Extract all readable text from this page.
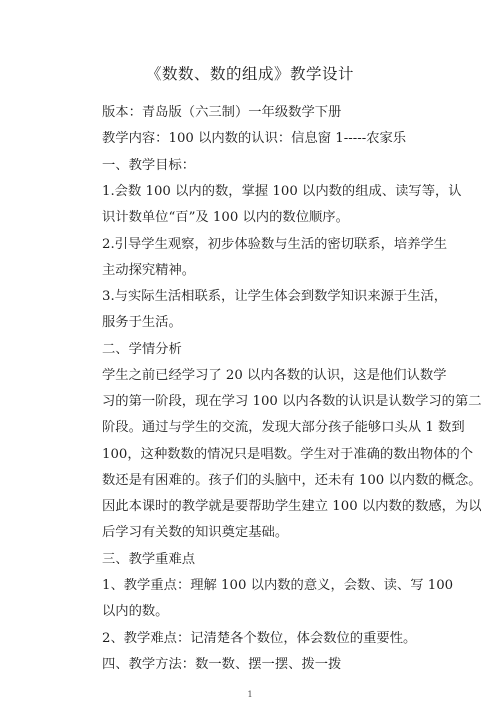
《数数、数的组成》教学设计
版本：青岛版（六三制）一年级数学下册
教学内容：100 以内数的认识：信息窗 1-----农家乐
一、教学目标：
1.会数 100 以内的数，掌握 100 以内数的组成、读写等，认
识计数单位“百”及 100 以内的数位顺序。
2.引导学生观察，初步体验数与生活的密切联系，培养学生
主动探究精神。
3.与实际生活相联系，让学生体会到数学知识来源于生活，
服务于生活。
二、学情分析
学生之前已经学习了 20 以内各数的认识，这是他们认数学
习的第一阶段，现在学习 100 以内各数的认识是认数学习的第二
阶段。通过与学生的交流，发现大部分孩子能够口头从 1 数到
100，这种数数的情况只是唱数。学生对于准确的数出物体的个
数还是有困难的。孩子们的头脑中，还未有 100 以内数的概念。
因此本课时的教学就是要帮助学生建立 100 以内数的数感，为以
后学习有关数的知识奠定基础。
三、教学重难点
1、教学重点：理解 100 以内数的意义，会数、读、写 100
以内的数。
2、教学难点：记清楚各个数位，体会数位的重要性。
四、教学方法：数一数、摆一摆、拨一拨
1
